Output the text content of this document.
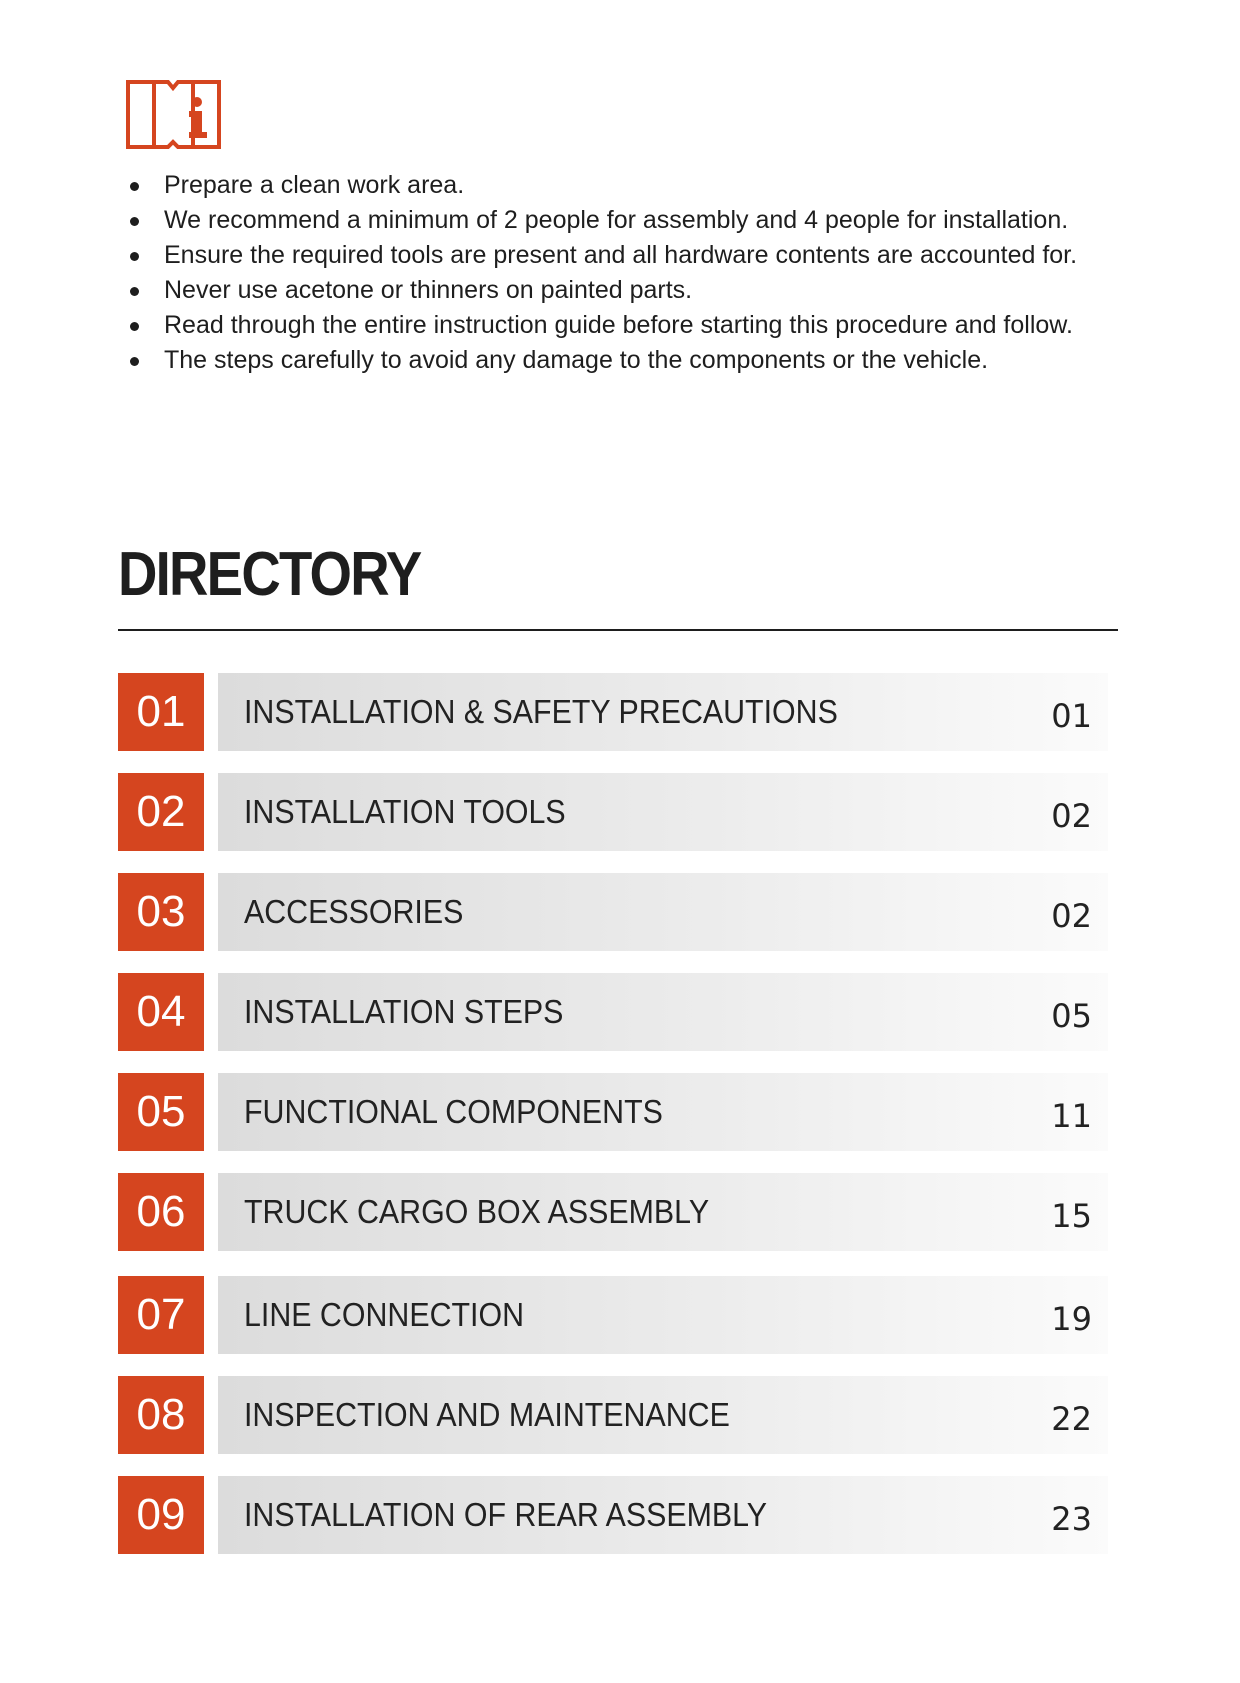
Prepare a clean work area.
We recommend a minimum of 2 people for assembly and 4 people for installation.
Ensure the required tools are present and all hardware contents are accounted for.
Never use acetone or thinners on painted parts.
Read through the entire instruction guide before starting this procedure and follow.
The steps carefully to avoid any damage to the components or the vehicle.
DIRECTORY
01	INSTALLATION & SAFETY PRECAUTIONS	01
02	INSTALLATION TOOLS	02
03	ACCESSORIES	02
04	INSTALLATION STEPS	05
05	FUNCTIONAL COMPONENTS	11
06	TRUCK CARGO BOX ASSEMBLY	15
07	LINE CONNECTION	19
08	INSPECTION AND MAINTENANCE	22
09	INSTALLATION OF REAR ASSEMBLY	23
